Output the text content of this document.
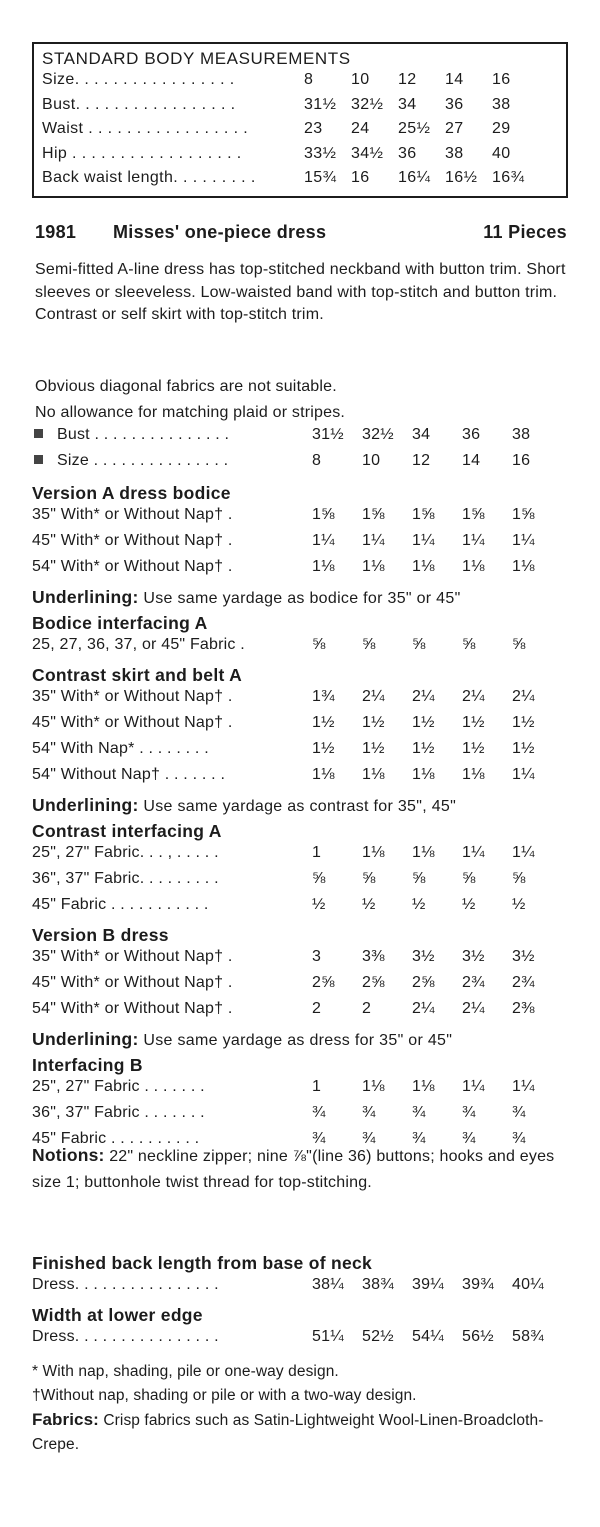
STANDARD BODY MEASUREMENTS
Size. . . . . . . . . . . . . . . . .	8	10	12	14	16
Bust. . . . . . . . . . . . . . . . .	31½ 32½ 34	36	38
Waist . . . . . . . . . . . . . . . . .	23	24	25½ 27	29
Hip . . . . . . . . . . . . . . . . . .	33½ 34½ 36	38	40
Back waist length. . . . . . . . .	15¾ 16	16¼ 16½ 16¾
1981	Misses' one-piece dress	11 Pieces
Semi-fitted A-line dress has top-stitched neckband with button trim. Short sleeves or sleeveless. Low-waisted band with top-stitch and button trim. Contrast or self skirt with top-stitch trim.
Obvious diagonal fabrics are not suitable.
No allowance for matching plaid or stripes.
Bust . . . . . . . . . . . . . . .	31½	32½	34	36	38
Size . . . . . . . . . . . . . . .	8	10	12	14	16
Version A dress bodice
35" With* or Without Nap† .	1⅝	1⅝	1⅝	1⅝	1⅝
45" With* or Without Nap† .	1¼	1¼	1¼	1¼	1¼
54" With* or Without Nap† .	1⅛	1⅛	1⅛	1⅛	1⅛
Underlining: Use same yardage as bodice for 35" or 45"
Bodice interfacing A
25, 27, 36, 37, or 45" Fabric .	⅝	⅝	⅝	⅝	⅝
Contrast skirt and belt A
35" With* or Without Nap† .	1¾	2¼	2¼	2¼	2¼
45" With* or Without Nap† .	1½	1½	1½	1½	1½
54" With Nap* . . . . . . . .	1½	1½	1½	1½	1½
54" Without Nap† . . . . . . .	1⅛	1⅛	1⅛	1⅛	1¼
Underlining: Use same yardage as contrast for 35", 45"
Contrast interfacing A
25", 27" Fabric. . . , . . . . .	1	1⅛	1⅛	1¼	1¼
36", 37" Fabric. . . . . . . . .	⅝	⅝	⅝	⅝	⅝
45" Fabric . . . . . . . . . . .	½	½	½	½	½
Version B dress
35" With* or Without Nap† .	3	3⅜	3½	3½	3½
45" With* or Without Nap† .	2⅝	2⅝	2⅝	2¾	2¾
54" With* or Without Nap† .	2	2	2¼	2¼	2⅜
Underlining: Use same yardage as dress for 35" or 45"
Interfacing B
25", 27" Fabric . . . . . . .	1	1⅛	1⅛	1¼	1¼
36", 37" Fabric . . . . . . .	¾	¾	¾	¾	¾
45" Fabric . . . . . . . . . .	¾	¾	¾	¾	¾
Notions: 22" neckline zipper; nine ⅞"(line 36) buttons; hooks and eyes size 1; buttonhole twist thread for top-stitching.
Finished back length from base of neck
Dress. . . . . . . . . . . . . . . .	38¼	38¾	39¼	39¾	40¼
Width at lower edge
Dress. . . . . . . . . . . . . . . .	51¼	52½	54¼	56½	58¾
* With nap, shading, pile or one-way design.
†Without nap, shading or pile or with a two-way design.
Fabrics: Crisp fabrics such as Satin-Lightweight Wool-Linen-Broadcloth-Crepe.
